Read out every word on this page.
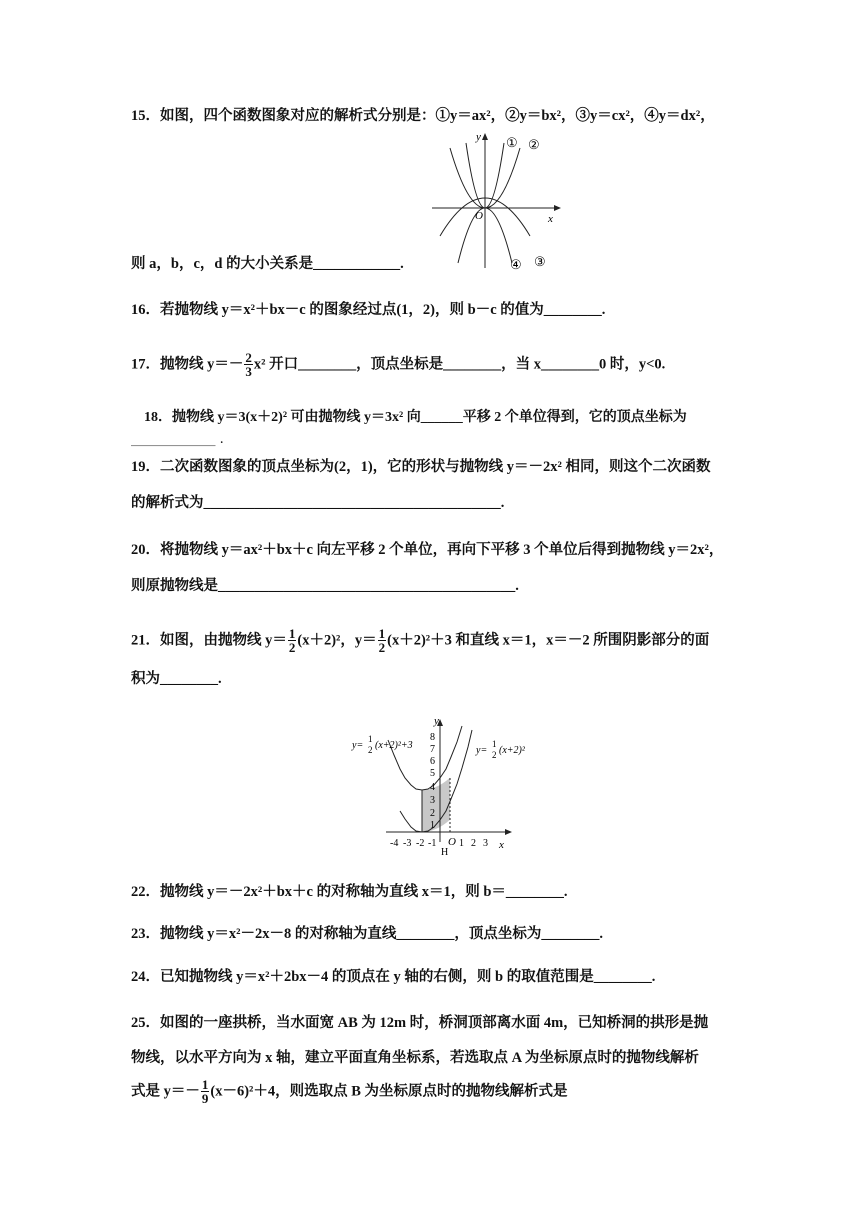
15．如图，四个函数图象对应的解析式分别是：①y＝ax²，②y＝bx²，③y＝cx²，④y＝dx²，
y
x
O
① ②
③
④
则 a，b，c，d 的大小关系是____________.
16．若抛物线 y＝x²＋bx－c 的图象经过点(1，2)，则 b－c 的值为________.
17．抛物线 $y=- \frac{2}{3} x^2$ 开口________，顶点坐标是________，当 x________0 时，y<0.
18．抛物线 y＝3(x＋2)² 可由抛物线 y＝3x² 向______平移 2 个单位得到，它的顶点坐标为
_____________ .
19．二次函数图象的顶点坐标为(2，1)，它的形状与抛物线 y＝－2x² 相同，则这个二次函数
的解析式为_________________________________________.
20．将抛物线 y＝ax²＋bx＋c 向左平移 2 个单位，再向下平移 3 个单位后得到抛物线 y＝2x²，
则原抛物线是_________________________________________.
21．如图，由抛物线 $y= \frac{1}{2} (x+2)^2$，$y= \frac{1}{2} (x+2)^2+3$ 和直线 x＝1，x＝－2 所围阴影部分的面
积为________.
y=
1
2 (x+2)²+3	y=
1
2 (x+2)²
y
x
O
8
7
6
5
4
3
2
1
-4 -3 -2 -1 1 2 3
H
22．抛物线 y＝－2x²＋bx＋c 的对称轴为直线 x＝1，则 b＝________.
23．抛物线 y＝x²－2x－8 的对称轴为直线________，顶点坐标为________.
24．已知抛物线 y＝x²＋2bx－4 的顶点在 y 轴的右侧，则 b 的取值范围是________.
25．如图的一座拱桥，当水面宽 AB 为 12m 时，桥洞顶部离水面 4m，已知桥洞的拱形是抛
物线，以水平方向为 x 轴，建立平面直角坐标系，若选取点 A 为坐标原点时的抛物线解析
式是 $y=- \frac{1}{9} (x-6)^2+4$，则选取点 B 为坐标原点时的抛物线解析式是
